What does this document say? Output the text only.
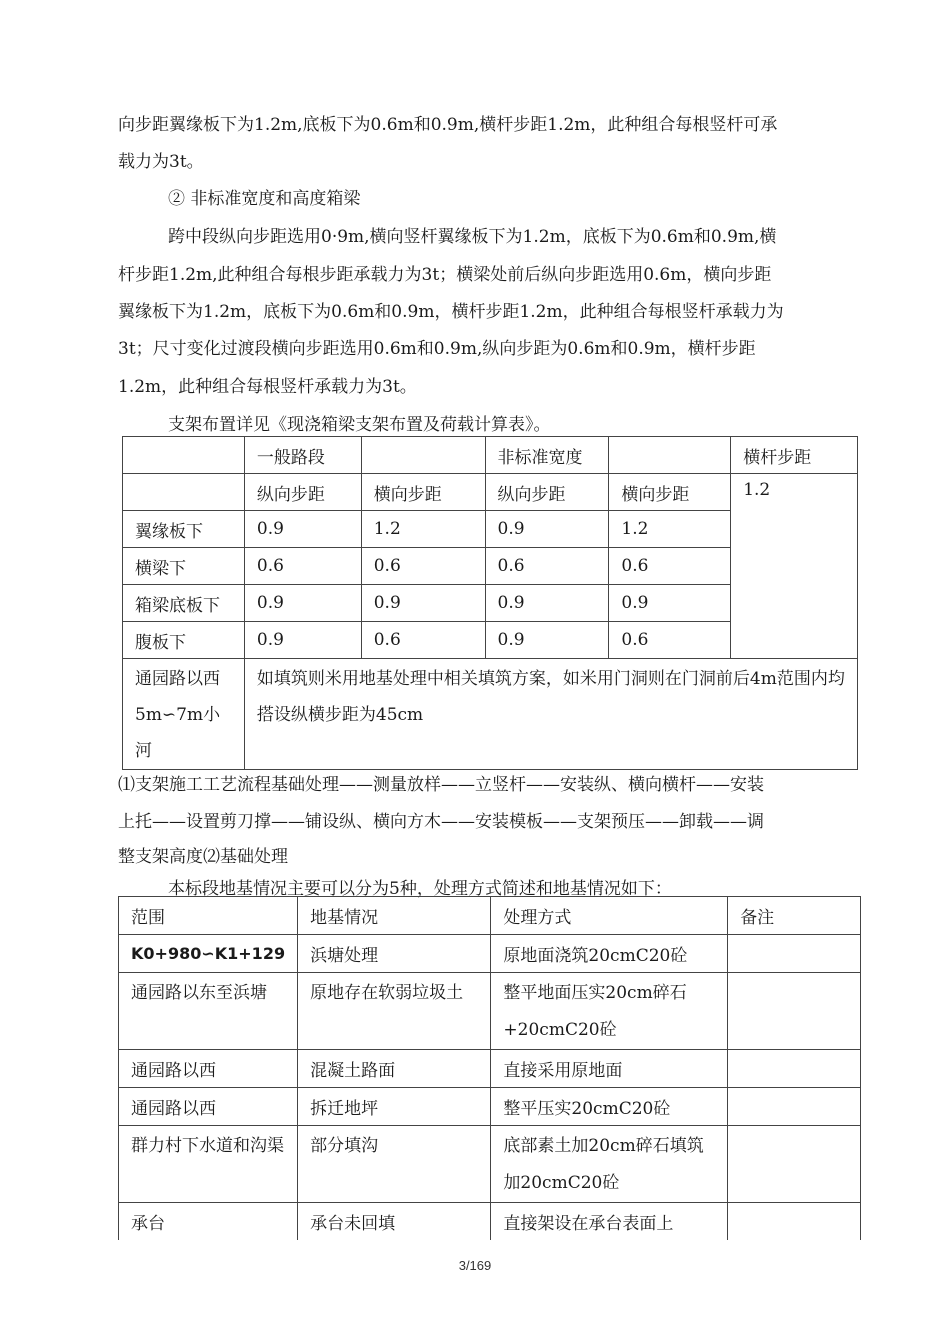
向步距翼缘板下为1.2m,底板下为0.6m和0.9m,横杆步距1.2m，此种组合每根竖杆可承
载力为3t。
② 非标准宽度和高度箱梁
跨中段纵向步距选用0·9m,横向竖杆翼缘板下为1.2m，底板下为0.6m和0.9m,横
杆步距1.2m,此种组合每根步距承载力为3t；横梁处前后纵向步距选用0.6m，横向步距
翼缘板下为1.2m，底板下为0.6m和0.9m，横杆步距1.2m，此种组合每根竖杆承载力为
3t；尺寸变化过渡段横向步距选用0.6m和0.9m,纵向步距为0.6m和0.9m，横杆步距
1.2m，此种组合每根竖杆承载力为3t。
支架布置详见《现浇箱梁支架布置及荷载计算表》。
	一般路段		非标准宽度		横杆步距
	纵向步距	横向步距	纵向步距	横向步距	1.2
翼缘板下	0.9	1.2	0.9	1.2	
横梁下	0.6	0.6	0.6	0.6	
箱梁底板下	0.9	0.9	0.9	0.9	
腹板下	0.9	0.6	0.9	0.6	
通园路以西5m∽7m小河	如填筑则米用地基处理中相关填筑方案，如米用门洞则在门洞前后4m范围内均搭设纵横步距为45cm				
⑴支架施工工艺流程基础处理——测量放样——立竖杆——安装纵、横向横杆——安装
上托——设置剪刀撑——铺设纵、横向方木——安装模板——支架预压——卸载——调
整支架高度⑵基础处理
本标段地基情况主要可以分为5种，处理方式简述和地基情况如下：
范围	地基情况	处理方式	备注
K0+980∽K1+129	浜塘处理	原地面浇筑20cmC20砼	
通园路以东至浜塘	原地存在软弱垃圾土	整平地面压实20cm碎石+20cmC20砼	
通园路以西	混凝土路面	直接采用原地面	
通园路以西	拆迁地坪	整平压实20cmC20砼	
群力村下水道和沟渠	部分填沟	底部素土加20cm碎石填筑加20cmC20砼	
承台	承台未回填	直接架设在承台表面上	
3/169
